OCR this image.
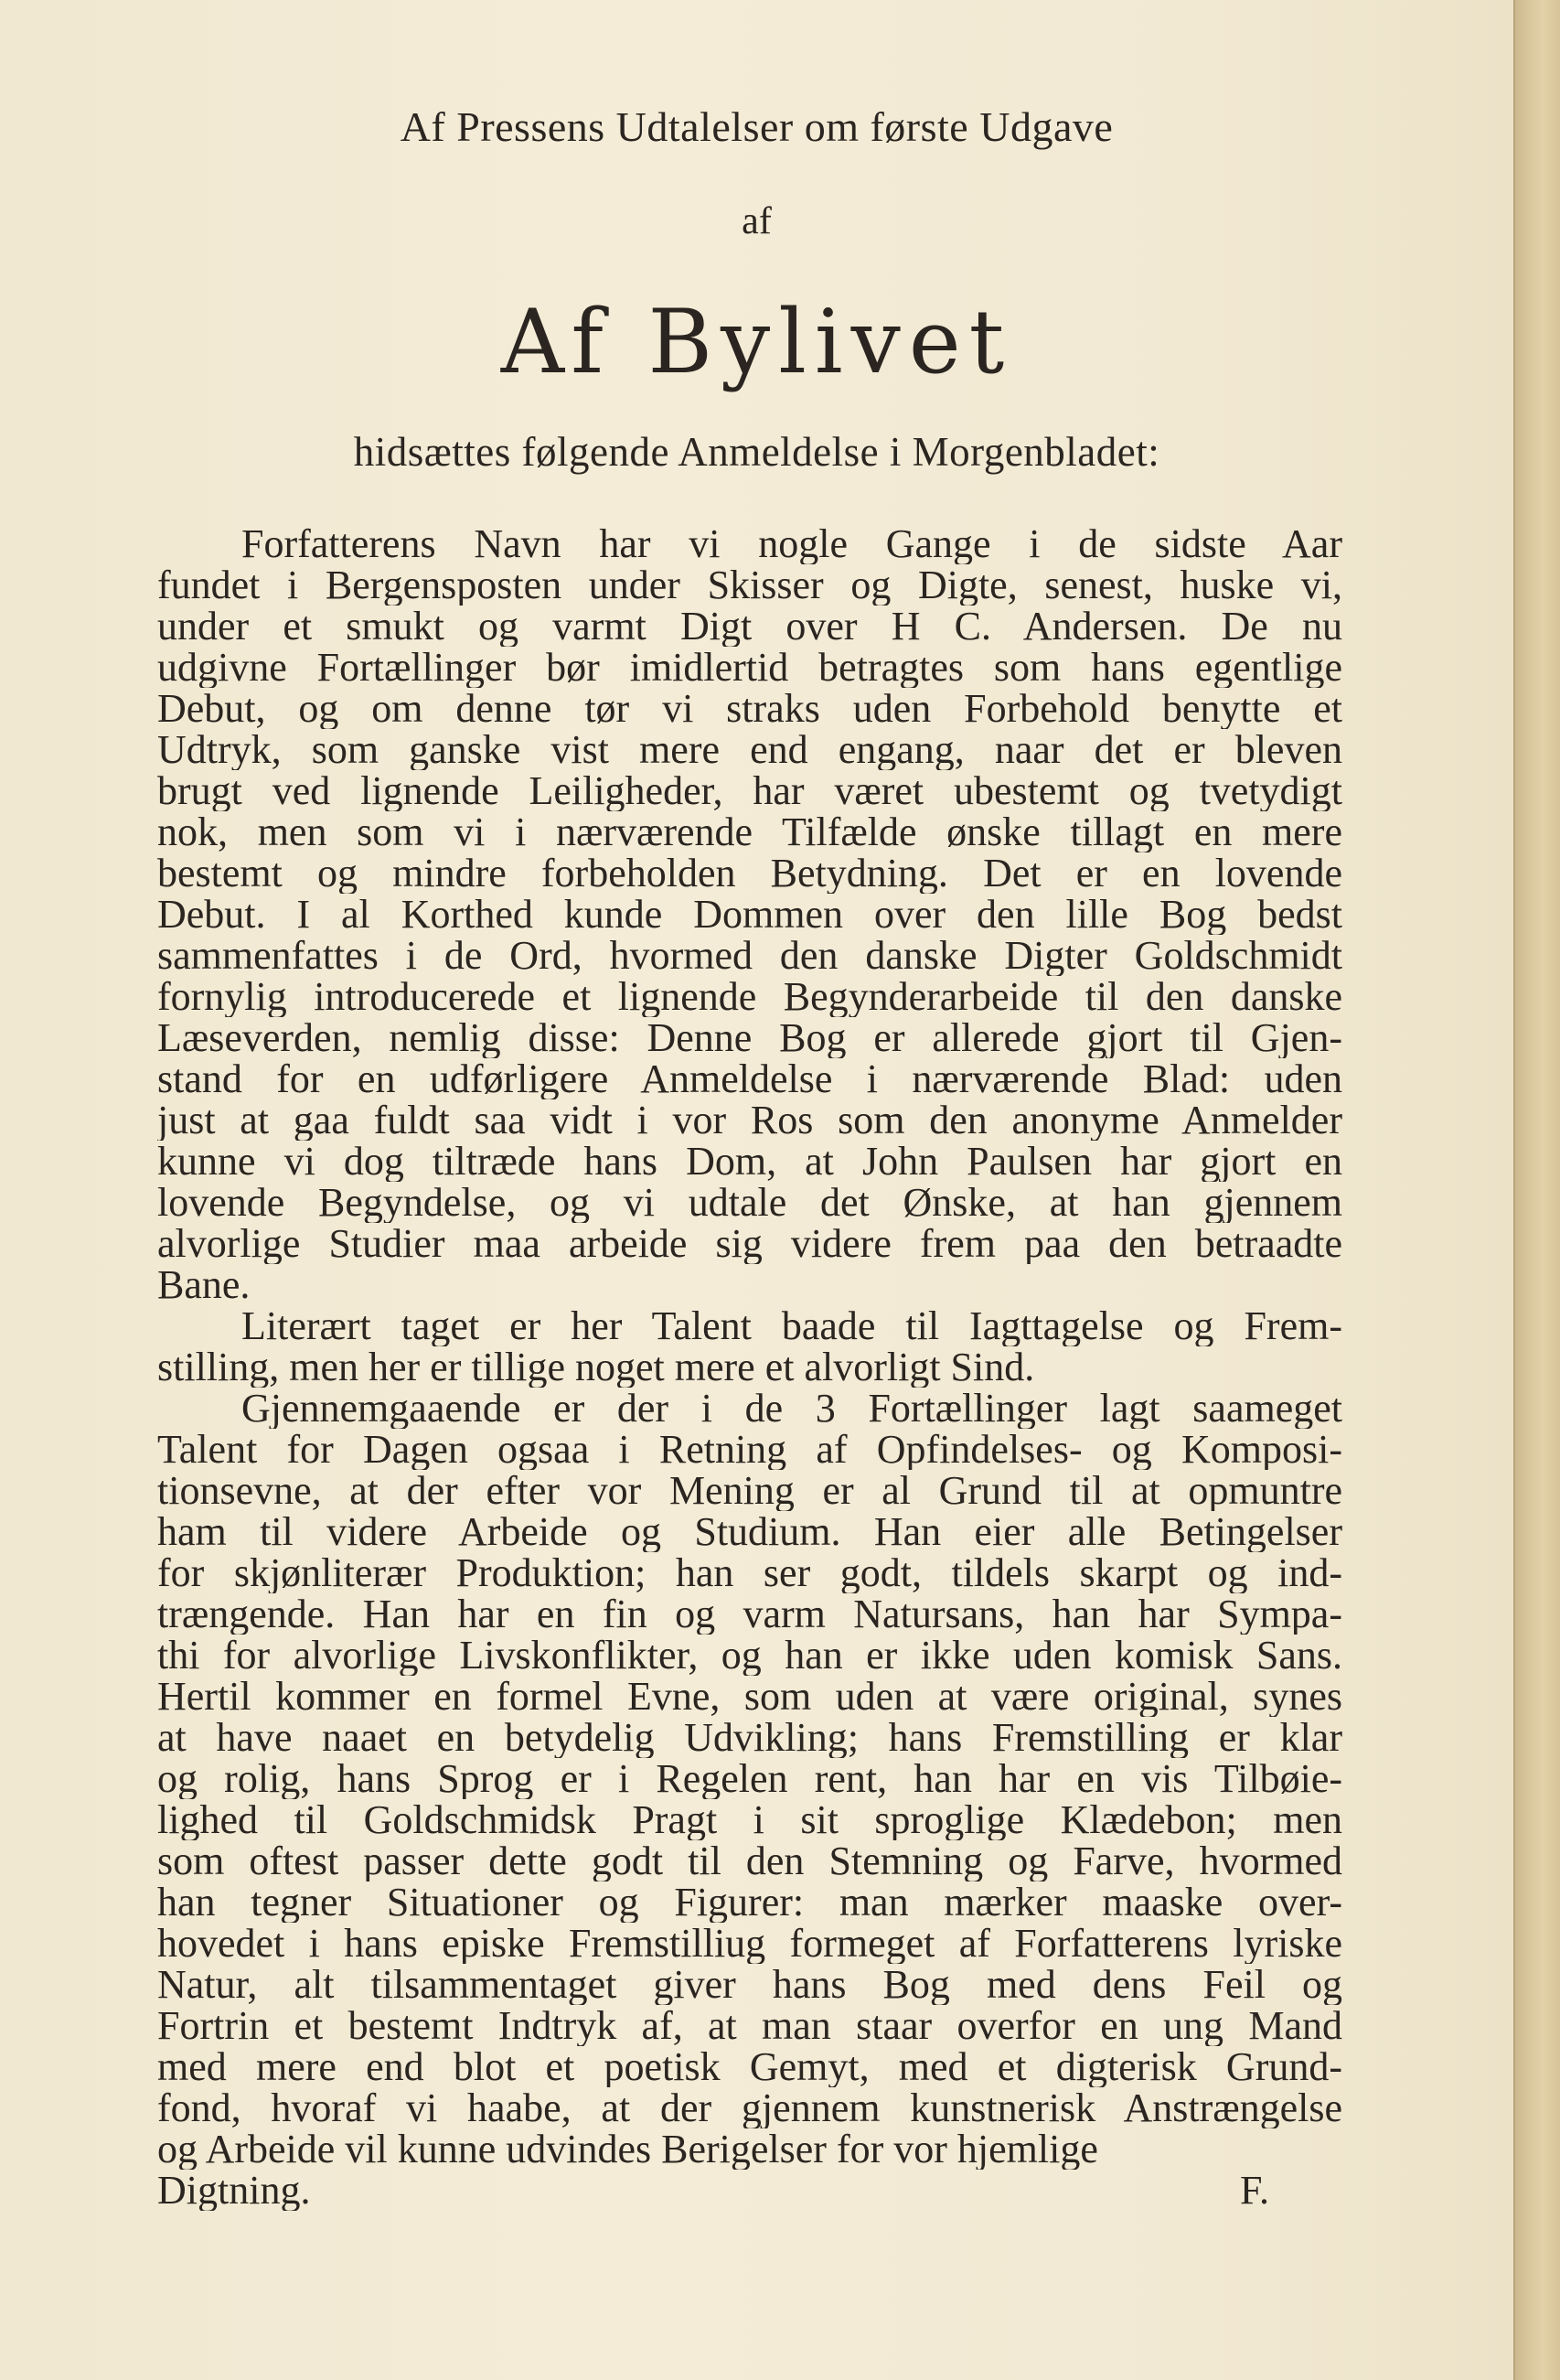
Af Pressens Udtalelser om første Udgave
af
Af Bylivet
hidsættes følgende Anmeldelse i Morgenbladet:
Forfatterens Navn har vi nogle Gange i de sidste Aar
fundet i Bergensposten under Skisser og Digte, senest, huske vi,
under et smukt og varmt Digt over H C. Andersen. De nu
udgivne Fortællinger bør imidlertid betragtes som hans egentlige
Debut, og om denne tør vi straks uden Forbehold benytte et
Udtryk, som ganske vist mere end engang, naar det er bleven
brugt ved lignende Leiligheder, har været ubestemt og tvetydigt
nok, men som vi i nærværende Tilfælde ønske tillagt en mere
bestemt og mindre forbeholden Betydning. Det er en lovende
Debut. I al Korthed kunde Dommen over den lille Bog bedst
sammenfattes i de Ord, hvormed den danske Digter Goldschmidt
fornylig introducerede et lignende Begynderarbeide til den danske
Læseverden, nemlig disse: Denne Bog er allerede gjort til Gjen-
stand for en udførligere Anmeldelse i nærværende Blad: uden
just at gaa fuldt saa vidt i vor Ros som den anonyme Anmelder
kunne vi dog tiltræde hans Dom, at John Paulsen har gjort en
lovende Begyndelse, og vi udtale det Ønske, at han gjennem
alvorlige Studier maa arbeide sig videre frem paa den betraadte
Bane.
Literært taget er her Talent baade til Iagttagelse og Frem-
stilling, men her er tillige noget mere et alvorligt Sind.
Gjennemgaaende er der i de 3 Fortællinger lagt saameget
Talent for Dagen ogsaa i Retning af Opfindelses- og Komposi-
tionsevne, at der efter vor Mening er al Grund til at opmuntre
ham til videre Arbeide og Studium. Han eier alle Betingelser
for skjønliterær Produktion; han ser godt, tildels skarpt og ind-
trængende. Han har en fin og varm Natursans, han har Sympa-
thi for alvorlige Livskonflikter, og han er ikke uden komisk Sans.
Hertil kommer en formel Evne, som uden at være original, synes
at have naaet en betydelig Udvikling; hans Fremstilling er klar
og rolig, hans Sprog er i Regelen rent, han har en vis Tilbøie-
lighed til Goldschmidsk Pragt i sit sproglige Klædebon; men
som oftest passer dette godt til den Stemning og Farve, hvormed
han tegner Situationer og Figurer: man mærker maaske over-
hovedet i hans episke Fremstilliug formeget af Forfatterens lyriske
Natur, alt tilsammentaget giver hans Bog med dens Feil og
Fortrin et bestemt Indtryk af, at man staar overfor en ung Mand
med mere end blot et poetisk Gemyt, med et digterisk Grund-
fond, hvoraf vi haabe, at der gjennem kunstnerisk Anstrængelse
og Arbeide vil kunne udvindes Berigelser for vor hjemlige
Digtning.	F.
